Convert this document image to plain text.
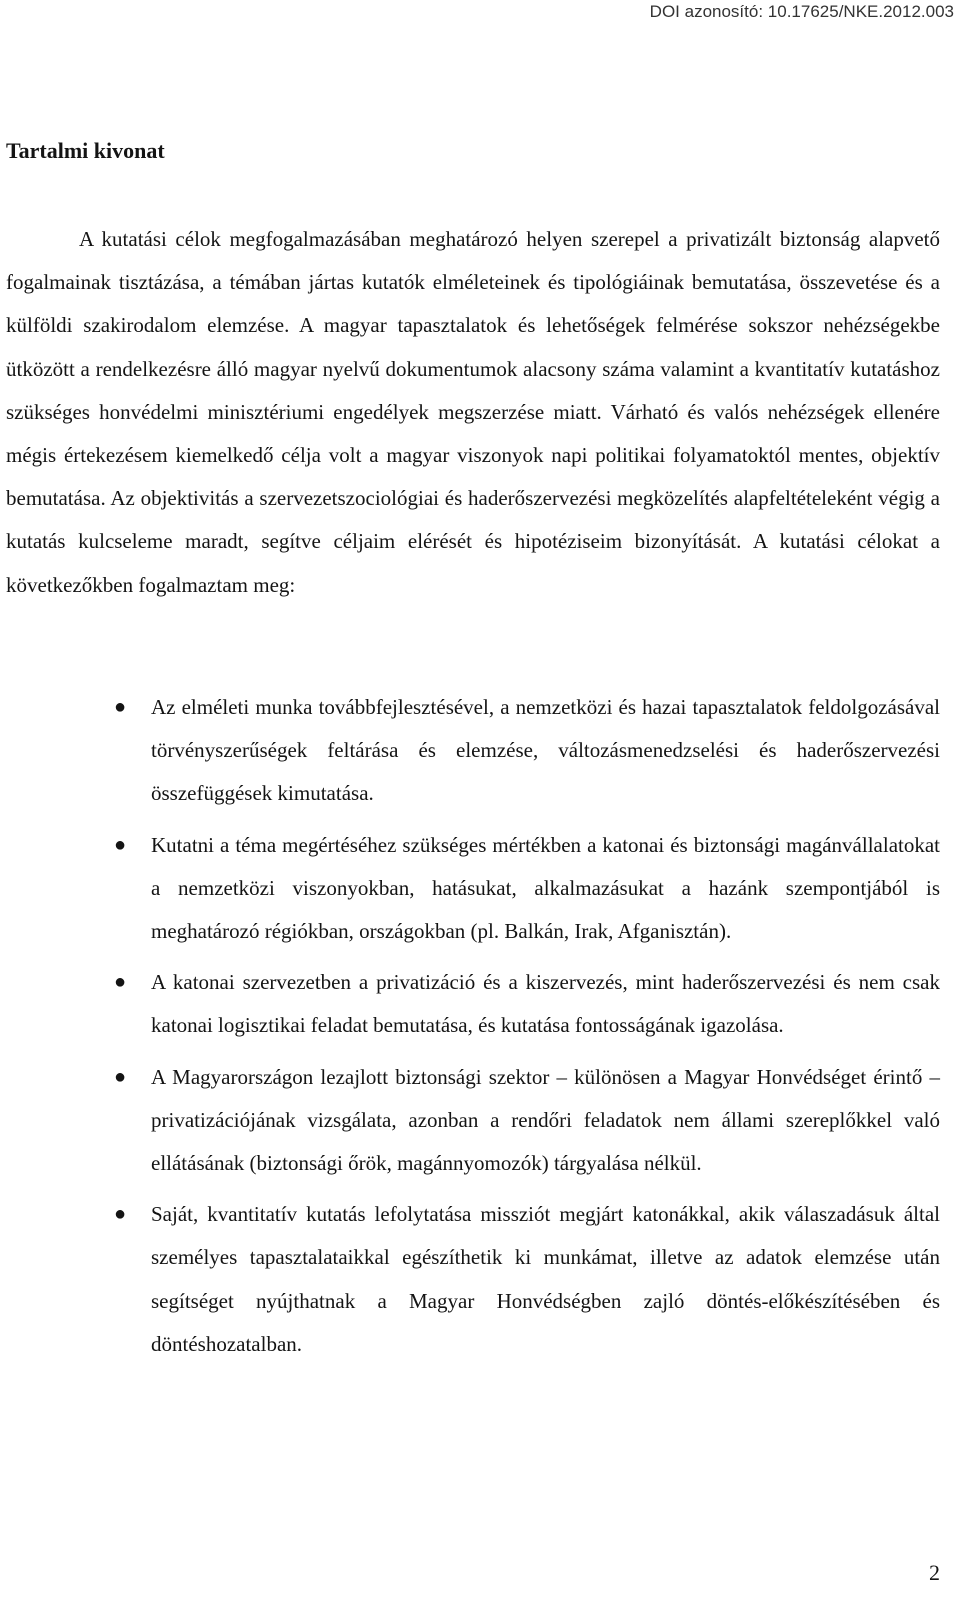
DOI azonosító: 10.17625/NKE.2012.003
Tartalmi kivonat

A kutatási célok megfogalmazásában meghatározó helyen szerepel a privatizált biztonság alapvető fogalmainak tisztázása, a témában jártas kutatók elméleteinek és tipológiáinak bemutatása, összevetése és a külföldi szakirodalom elemzése. A magyar tapasztalatok és lehetőségek felmérése sokszor nehézségekbe ütközött a rendelkezésre álló magyar nyelvű dokumentumok alacsony száma valamint a kvantitatív kutatáshoz szükséges honvédelmi minisztériumi engedélyek megszerzése miatt. Várható és valós nehézségek ellenére mégis értekezésem kiemelkedő célja volt a magyar viszonyok napi politikai folyamatoktól mentes, objektív bemutatása. Az objektivitás a szervezetszociológiai és haderőszervezési megközelítés alapfeltételeként végig a kutatás kulcseleme maradt, segítve céljaim elérését és hipotéziseim bizonyítását. A kutatási célokat a következőkben fogalmaztam meg:

● Az elméleti munka továbbfejlesztésével, a nemzetközi és hazai tapasztalatok feldolgozásával törvényszerűségek feltárása és elemzése, változásmenedzselési és haderőszervezési összefüggések kimutatása.
● Kutatni a téma megértéséhez szükséges mértékben a katonai és biztonsági magánvállalatokat a nemzetközi viszonyokban, hatásukat, alkalmazásukat a hazánk szempontjából is meghatározó régiókban, országokban (pl. Balkán, Irak, Afganisztán).
● A katonai szervezetben a privatizáció és a kiszervezés, mint haderőszervezési és nem csak katonai logisztikai feladat bemutatása, és kutatása fontosságának igazolása.
● A Magyarországon lezajlott biztonsági szektor – különösen a Magyar Honvédséget érintő – privatizációjának vizsgálata, azonban a rendőri feladatok nem állami szereplőkkel való ellátásának (biztonsági őrök, magánnyomozók) tárgyalása nélkül.
● Saját, kvantitatív kutatás lefolytatása missziót megjárt katonákkal, akik válaszadásuk által személyes tapasztalataikkal egészíthetik ki munkámat, illetve az adatok elemzése után segítséget nyújthatnak a Magyar Honvédségben zajló döntés-előkészítésében és döntéshozatalban.

2
